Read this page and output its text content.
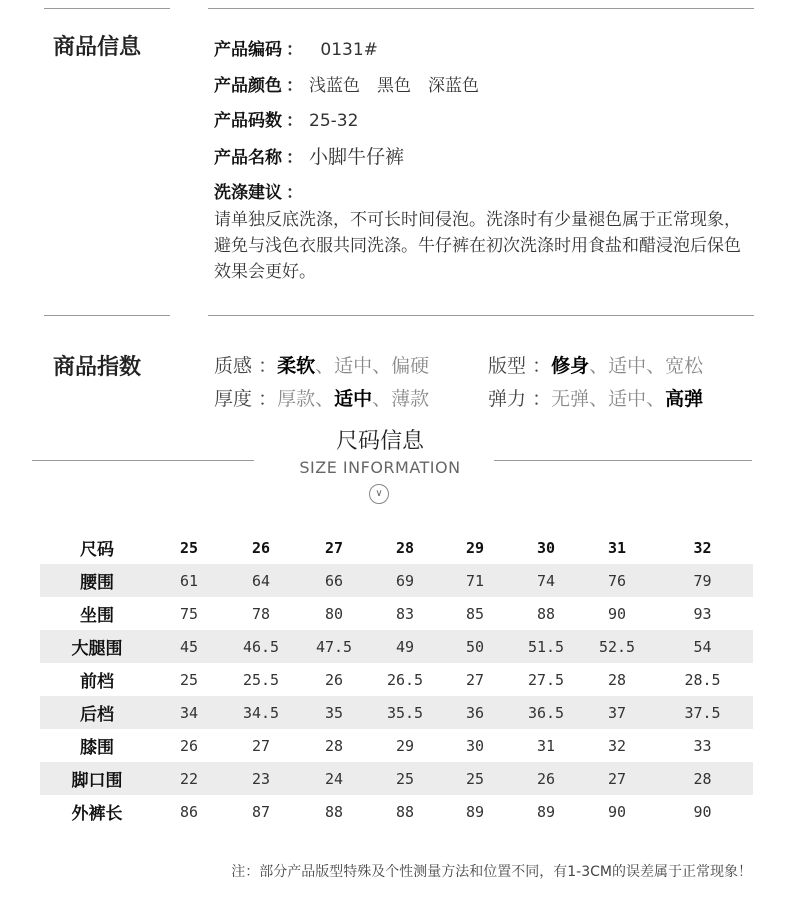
商品信息	产品编码 ： 0131#
产品颜色 ： 浅蓝色　黑色　深蓝色
产品码数 ： 25-32
产品名称 ： 小脚牛仔裤
洗涤建议 ：
请单独反底洗涤，不可长时间侵泡。洗涤时有少量褪色属于正常现象，避免与浅色衣服共同洗涤。牛仔裤在初次洗涤时用食盐和醋浸泡后保色效果会更好。
商品指数	质感 ：柔软、适中、偏硬
厚度 ：厚款、适中、薄款
版型 ：修身、适中、宽松
弹力 ：无弹、适中、高弹
尺码信息
SIZE INFORMATION
∨
尺码	25	26	27	28	29	30	31	32
腰围	61	64	66	69	71	74	76	79
坐围	75	78	80	83	85	88	90	93
大腿围	45	46.5	47.5	49	50	51.5	52.5	54
前档	25	25.5	26	26.5	27	27.5	28	28.5
后档	34	34.5	35	35.5	36	36.5	37	37.5
膝围	26	27	28	29	30	31	32	33
脚口围	22	23	24	25	25	26	27	28
外裤长	86	87	88	88	89	89	90	90
注：部分产品版型特殊及个性测量方法和位置不同，有1-3CM的误差属于正常现象！
